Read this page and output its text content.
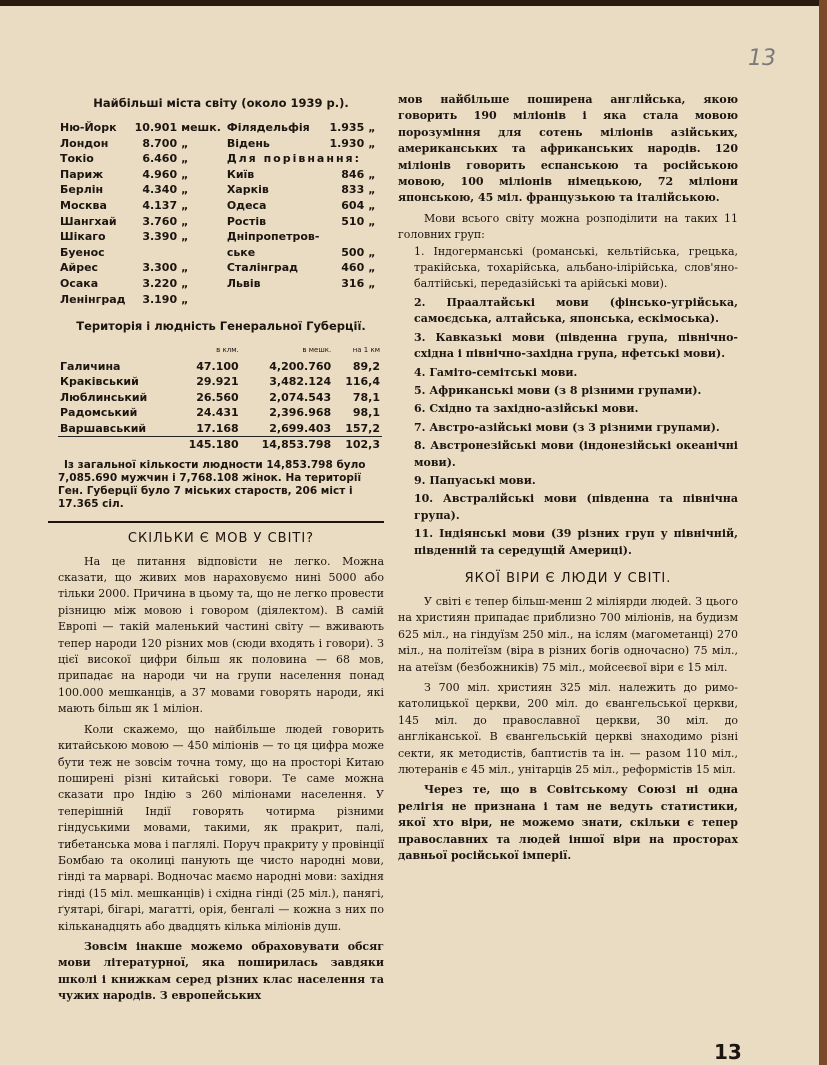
13
Найбільші міста світу (около 1939 р.).
Ню-Йорк	10.901	мешк.	Філядельфія	1.935	„
Лондон	8.700	„	Відень	1.930	„
Токіо	6.460	„	Для порівнання:		
Париж	4.960	„	Київ	846	„
Берлін	4.340	„	Харків	833	„
Москва	4.137	„	Одеса	604	„
Шангхай	3.760	„	Ростів	510	„
Шікаго	3.390	„	Дніпропетров-		
Буенос			ське	500	„
Айрес	3.300	„	Сталінград	460	„
Осака	3.220	„	Львів	316	„
Ленінград	3.190	„			
Територія і людність Генеральної Губерції.
	в клм.	в мешк.	на 1 км
Галичина	47.100	4,200.760	89,2
Краківський	29.921	3,482.124	116,4
Люблинський	26.560	2,074.543	78,1
Радомський	24.431	2,396.968	98,1
Варшавський	17.168	2,699.403	157,2
	145.180	14,853.798	102,3
Із загальної кількости людности 14,853.798 було 7,085.690 мужчин і 7,768.108 жінок. На території Ген. Губерції було 7 міських староств, 206 міст і 17.365 сіл.
СКІЛЬКИ Є МОВ У СВІТІ?

На це питання відповісти не легко. Можна сказати, що живих мов нараховуємо нині 5000 або тільки 2000. Причина в цьому та, що не легко провести різницю між мовою і говором (діялектом). В самій Европі — такій маленький частині світу — вживають тепер народи 120 різних мов (сюди входять і говори). З цієї високої цифри більш як половина — 68 мов, припадає на народи чи на групи населення понад 100.000 мешканців, а 37 мовами говорять народи, які мають більш як 1 міліон.

Коли скажемо, що найбільше людей говорить китайською мовою — 450 міліонів — то ця цифра може бути теж не зовсім точна тому, що на просторі Китаю поширені різні китайські говори. Те саме можна сказати про Індію з 260 міліонами населення. У теперішній Індії говорять чотирма різними гіндуськими мовами, такими, як пракрит, палі, тибетанська мова і паглялі. Поруч пракриту у провінції Бомбаю та околиці панують ще чисто народні мови, гінді та марварі. Водночас маємо народні мови: західня гінді (15 міл. мешканців) і східна гінді (25 міл.), панягі, ґуятарі, бігарі, магатті, орія, бенгалі — кожна з них по кільканадцять або двадцять кілька міліонів душ.

Зовсім інакше можемо обраховувати обсяг мови літературної, яка поширилась завдяки школі і книжкам серед різних клас населення та чужих народів. З европейських

мов найбільше поширена англійська, якою говорить 190 міліонів і яка стала мовою порозуміння для сотень міліонів азійських, американських та африканських народів. 120 міліонів говорить еспанською та російською мовою, 100 міліонів німецькою, 72 міліони японською, 45 міл. французькою та італійською.

Мови всього світу можна розподілити на таких 11 головних груп:

1. Індогерманські (романські, кельтійська, грецька, тракійська, тохарійська, альбано-ілірійська, слов'яно-балтійські, передазійські та арійські мови).

2. Праалтайські мови (фінсько-угрійська, самоєдська, алтайська, японська, ескімоська).

3. Кавказькі мови (південна група, північно-східна і північно-західна група, нфетські мови).

4. Гаміто-семітські мови.

5. Африканські мови (з 8 різними групами).

6. Східно та західно-азійські мови.

7. Австро-азійські мови (з 3 різними групами).

8. Австронезійські мови (індонезійські океанічні мови).

9. Папуаські мови.

10. Австралійські мови (південна та північна група).

11. Індіянські мови (39 різних груп у північній, південній та середущій Америці).

ЯКОЇ ВІРИ Є ЛЮДИ У СВІТІ.

У світі є тепер більш-менш 2 міліярди людей. З цього на християн припадає приблизно 700 міліонів, на будизм 625 міл., на гіндуїзм 250 міл., на іслям (магометанці) 270 міл., на політеїзм (віра в різних богів одночасно) 75 міл., на атеїзм (безбожників) 75 міл., мойсеєвої віри є 15 міл.

З 700 міл. християн 325 міл. належить до римо-католицької церкви, 200 міл. до євангельської церкви, 145 міл. до православної церкви, 30 міл. до англіканської. В євангельській церкві знаходимо різні секти, як методистів, баптистів та ін. — разом 110 міл., лютеранів є 45 міл., унітарців 25 міл., реформістів 15 міл.

Через те, що в Совітському Союзі ні одна релігія не признана і там не ведуть статистики, якої хто віри, не можемо знати, скільки є тепер православних та людей іншої віри на просторах давньої російської імперії.

13
